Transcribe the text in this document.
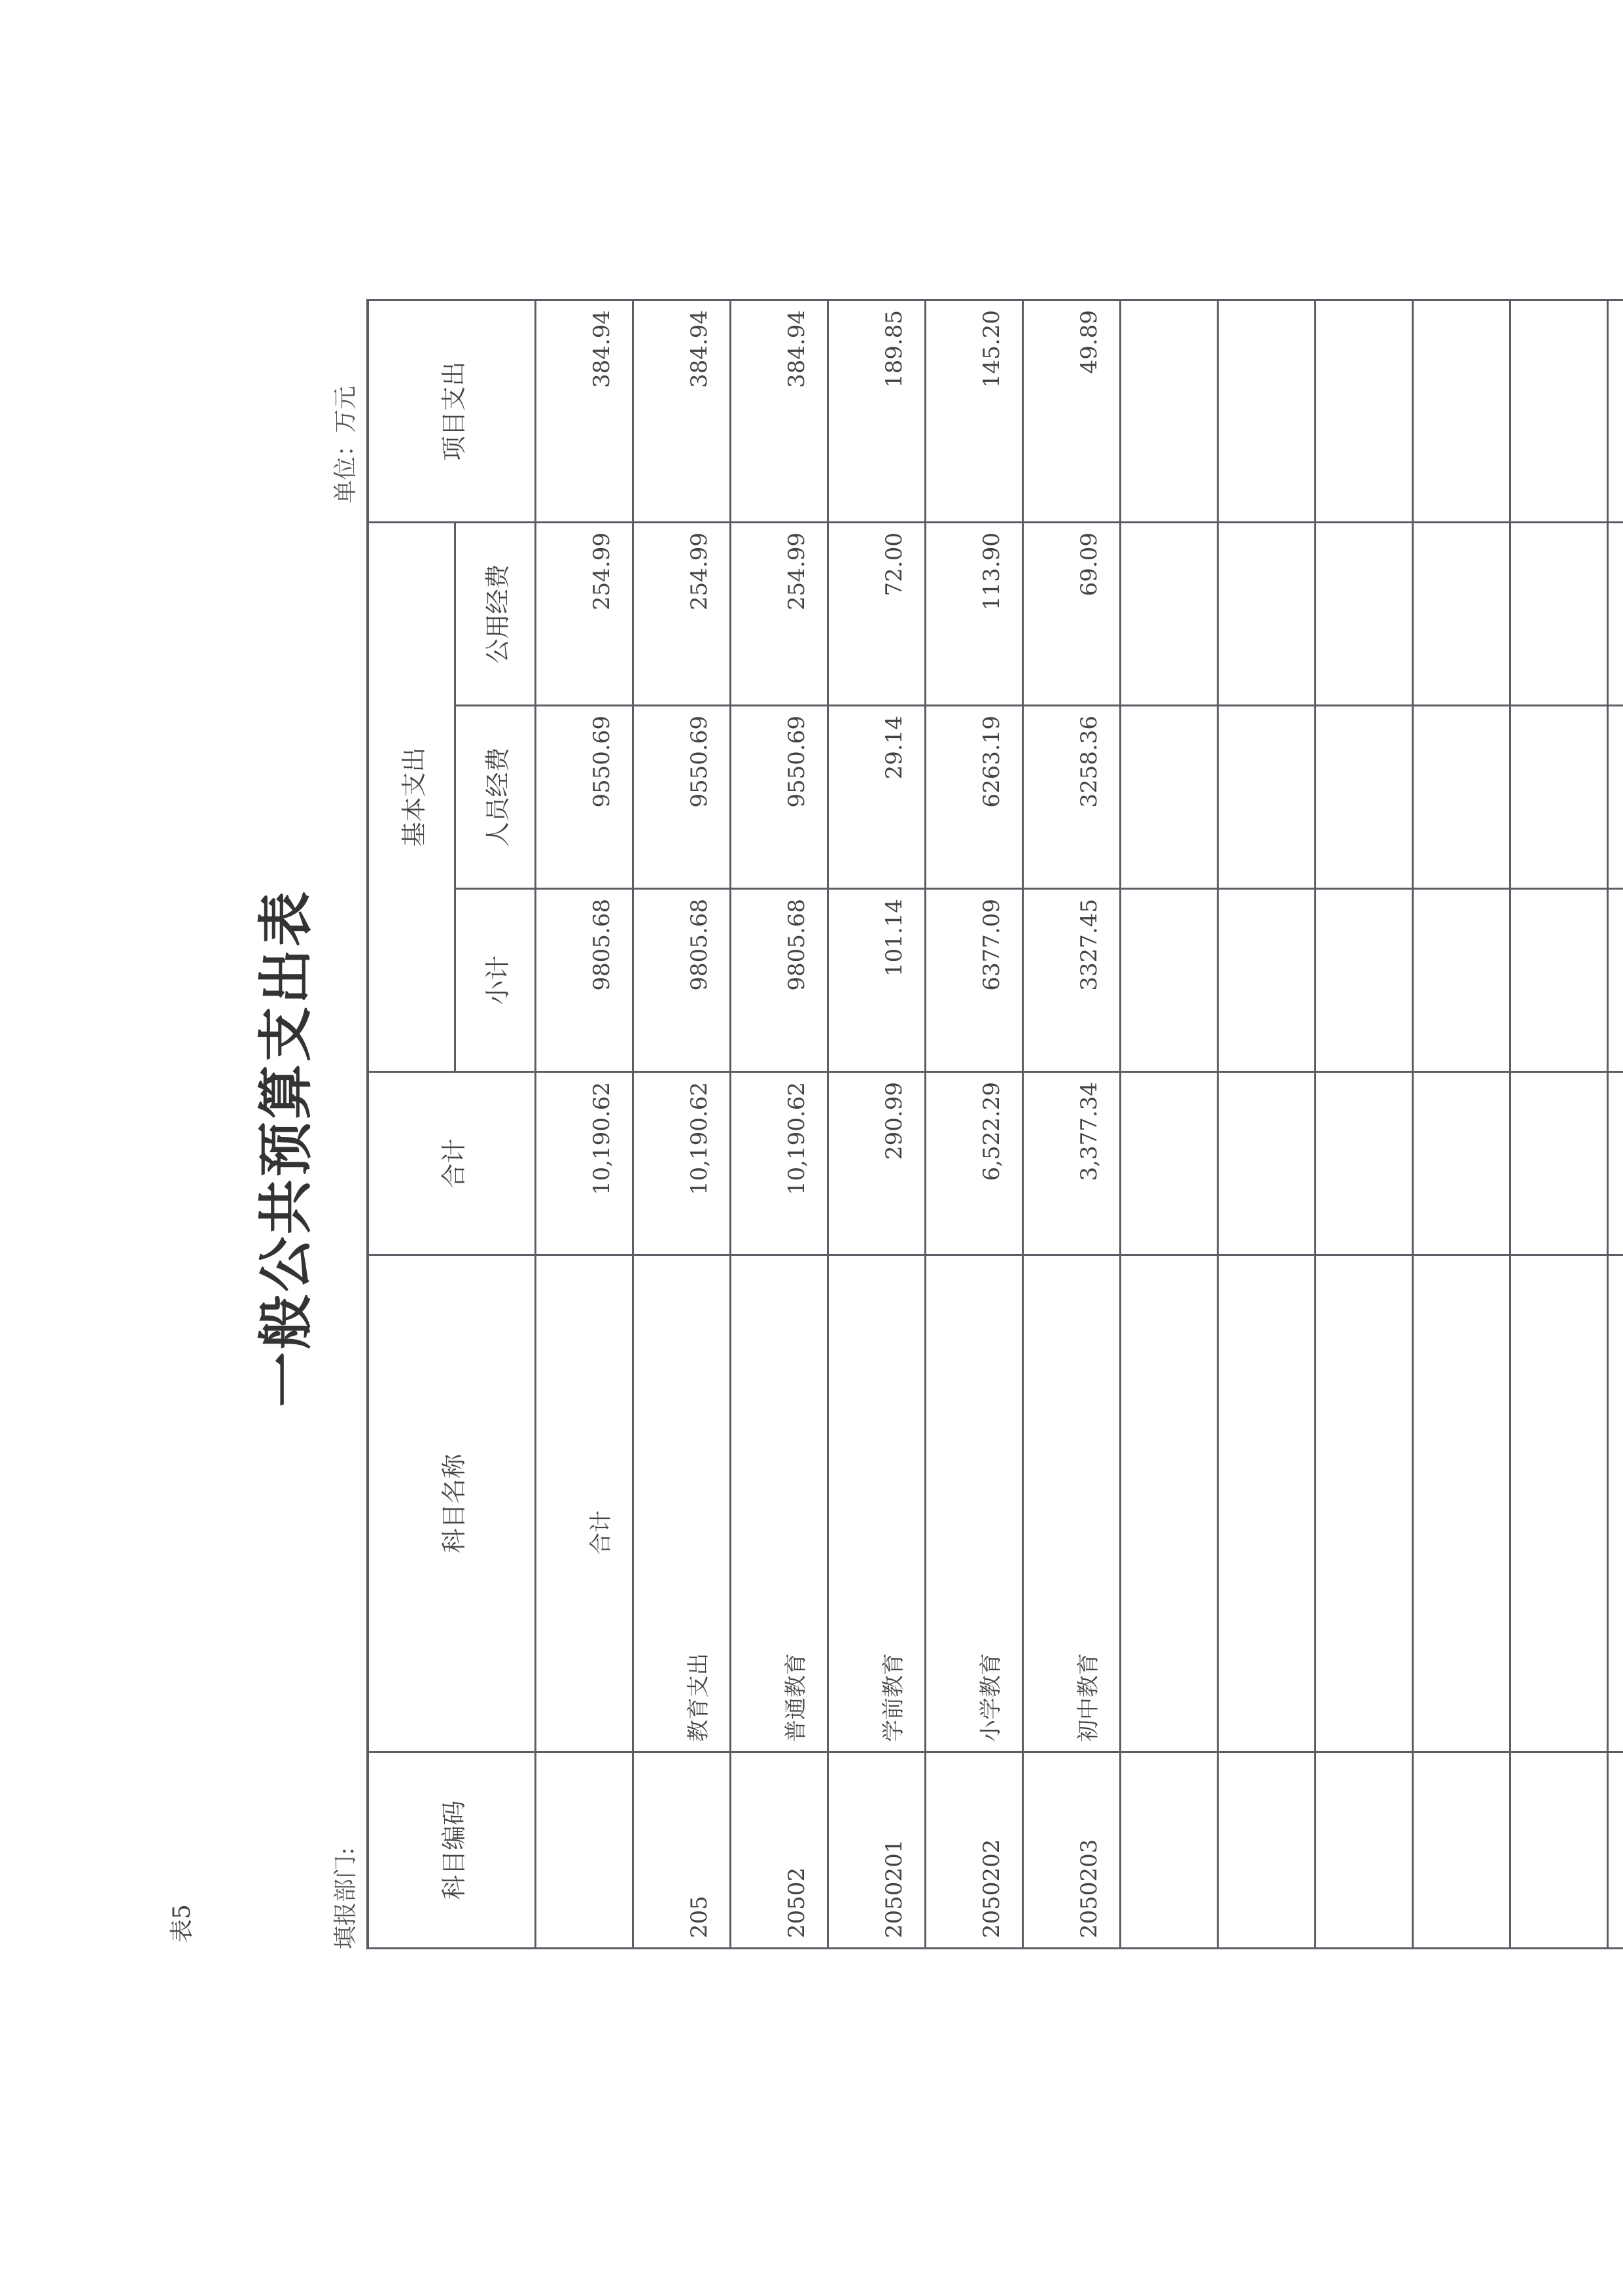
表5
一般公共预算支出表
填报部门:
单位：万元
科目编码	科目名称	合计	基本支出			项目支出
			小计	人员经费	公用经费	
	合计	10,190.62	9805.68	9550.69	254.99	384.94
205	教育支出	10,190.62	9805.68	9550.69	254.99	384.94
20502	普通教育	10,190.62	9805.68	9550.69	254.99	384.94
2050201	学前教育	290.99	101.14	29.14	72.00	189.85
2050202	小学教育	6,522.29	6377.09	6263.19	113.90	145.20
2050203	初中教育	3,377.34	3327.45	3258.36	69.09	49.89
